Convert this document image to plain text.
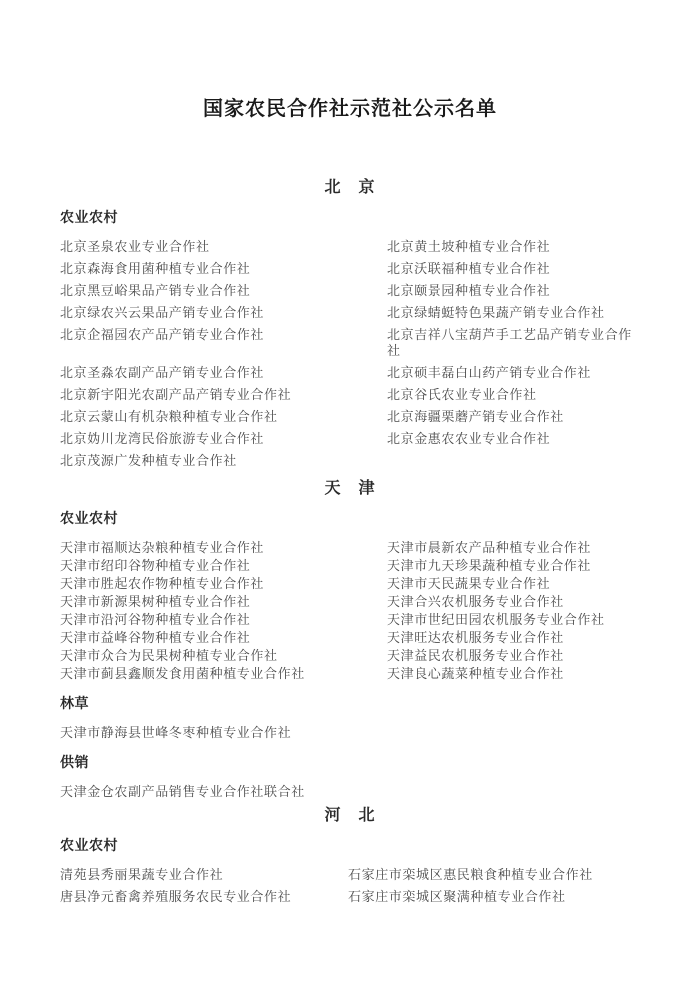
国家农民合作社示范社公示名单
北　京
农业农村
北京圣泉农业专业合作社
北京森海食用菌种植专业合作社
北京黑豆峪果品产销专业合作社
北京绿农兴云果品产销专业合作社
北京企福园农产品产销专业合作社
北京黄土坡种植专业合作社
北京沃联福种植专业合作社
北京颐景园种植专业合作社
北京绿蜻蜓特色果蔬产销专业合作社
北京吉祥八宝葫芦手工艺品产销专业合作社
北京圣淼农副产品产销专业合作社
北京新宇阳光农副产品产销专业合作社
北京云蒙山有机杂粮种植专业合作社
北京妫川龙湾民俗旅游专业合作社
北京茂源广发种植专业合作社
北京硕丰磊白山药产销专业合作社
北京谷氏农业专业合作社
北京海疆栗蘑产销专业合作社
北京金惠农农业专业合作社
天　津
农业农村
天津市福顺达杂粮种植专业合作社
天津市绍印谷物种植专业合作社
天津市胜起农作物种植专业合作社
天津市新源果树种植专业合作社
天津市沿河谷物种植专业合作社
天津市益峰谷物种植专业合作社
天津市众合为民果树种植专业合作社
天津市蓟县鑫顺发食用菌种植专业合作社
天津市晨新农产品种植专业合作社
天津市九天珍果蔬种植专业合作社
天津市天民蔬果专业合作社
天津合兴农机服务专业合作社
天津市世纪田园农机服务专业合作社
天津旺达农机服务专业合作社
天津益民农机服务专业合作社
天津良心蔬菜种植专业合作社
林草
天津市静海县世峰冬枣种植专业合作社
供销
天津金仓农副产品销售专业合作社联合社
河　北
农业农村
清苑县秀丽果蔬专业合作社
唐县净元畜禽养殖服务农民专业合作社
石家庄市栾城区惠民粮食种植专业合作社
石家庄市栾城区聚满种植专业合作社
